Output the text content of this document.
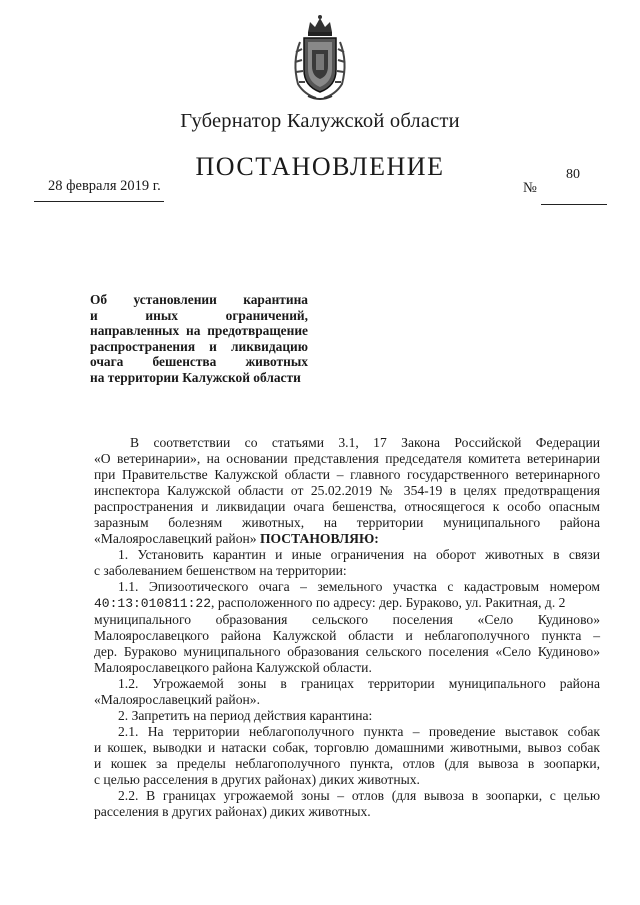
Губернатор Калужской области
ПОСТАНОВЛЕНИЕ
28 февраля 2019 г.	№
80
Об установлении карантина
и иных ограничений,
направленных на предотвращение
распространения и ликвидацию
очага бешенства животных
на территории Калужской области
В соответствии со статьями 3.1, 17 Закона Российской Федерации
«О ветеринарии», на основании представления председателя комитета ветеринарии
при Правительстве Калужской области – главного государственного ветеринарного
инспектора Калужской области от 25.02.2019 № 354-19 в целях предотвращения
распространения и ликвидации очага бешенства, относящегося к особо опасным
заразным болезням животных, на территории муниципального района
«Малоярославецкий район» ПОСТАНОВЛЯЮ:
1. Установить карантин и иные ограничения на оборот животных в связи
с заболеванием бешенством на территории:
1.1. Эпизоотического очага – земельного участка с кадастровым номером
40:13:010811:22, расположенного по адресу: дер. Бураково, ул. Ракитная, д. 2
муниципального образования сельского поселения «Село Кудиново»
Малоярославецкого района Калужской области и неблагополучного пункта –
дер. Бураково муниципального образования сельского поселения «Село Кудиново»
Малоярославецкого района Калужской области.
1.2. Угрожаемой зоны в границах территории муниципального района
«Малоярославецкий район».
2. Запретить на период действия карантина:
2.1. На территории неблагополучного пункта – проведение выставок собак
и кошек, выводки и натаски собак, торговлю домашними животными, вывоз собак
и кошек за пределы неблагополучного пункта, отлов (для вывоза в зоопарки,
с целью расселения в других районах) диких животных.
2.2. В границах угрожаемой зоны – отлов (для вывоза в зоопарки, с целью
расселения в других районах) диких животных.
